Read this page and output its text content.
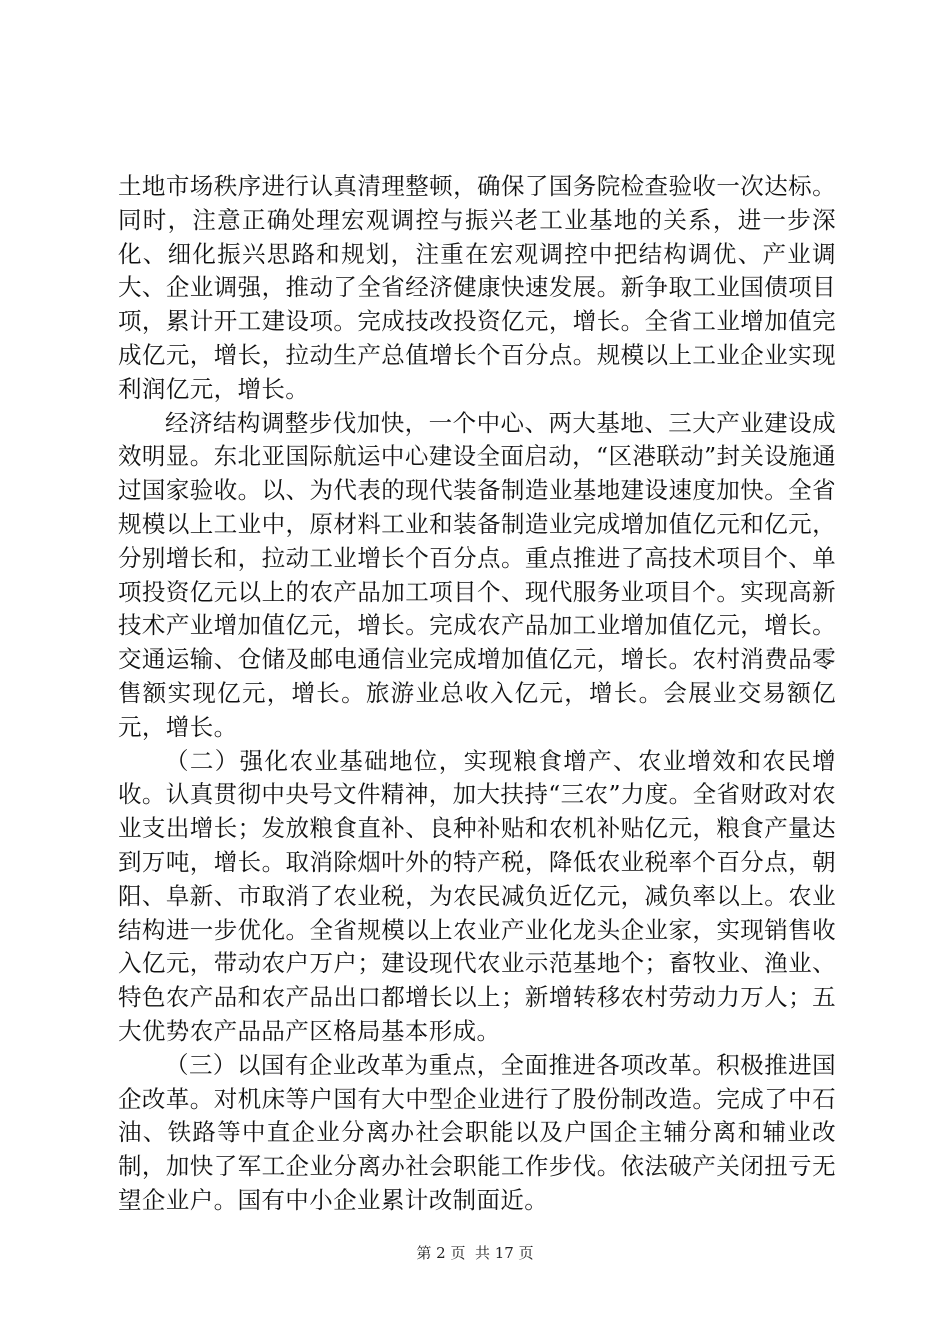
土地市场秩序进行认真清理整顿，确保了国务院检查验收一次达标。同时，注意正确处理宏观调控与振兴老工业基地的关系，进一步深化、细化振兴思路和规划，注重在宏观调控中把结构调优、产业调大、企业调强，推动了全省经济健康快速发展。新争取工业国债项目项，累计开工建设项。完成技改投资亿元，增长。全省工业增加值完成亿元，增长，拉动生产总值增长个百分点。规模以上工业企业实现利润亿元，增长。

经济结构调整步伐加快，一个中心、两大基地、三大产业建设成效明显。东北亚国际航运中心建设全面启动，“区港联动”封关设施通过国家验收。以、为代表的现代装备制造业基地建设速度加快。全省规模以上工业中，原材料工业和装备制造业完成增加值亿元和亿元，分别增长和，拉动工业增长个百分点。重点推进了高技术项目个、单项投资亿元以上的农产品加工项目个、现代服务业项目个。实现高新技术产业增加值亿元，增长。完成农产品加工业增加值亿元，增长。交通运输、仓储及邮电通信业完成增加值亿元，增长。农村消费品零售额实现亿元，增长。旅游业总收入亿元，增长。会展业交易额亿元，增长。

（二）强化农业基础地位，实现粮食增产、农业增效和农民增收。认真贯彻中央号文件精神，加大扶持“三农”力度。全省财政对农业支出增长；发放粮食直补、良种补贴和农机补贴亿元，粮食产量达到万吨，增长。取消除烟叶外的特产税，降低农业税率个百分点，朝阳、阜新、市取消了农业税，为农民减负近亿元，减负率以上。农业结构进一步优化。全省规模以上农业产业化龙头企业家，实现销售收入亿元，带动农户万户；建设现代农业示范基地个；畜牧业、渔业、特色农产品和农产品出口都增长以上；新增转移农村劳动力万人；五大优势农产品品产区格局基本形成。

（三）以国有企业改革为重点，全面推进各项改革。积极推进国企改革。对机床等户国有大中型企业进行了股份制改造。完成了中石油、铁路等中直企业分离办社会职能以及户国企主辅分离和辅业改制，加快了军工企业分离办社会职能工作步伐。依法破产关闭扭亏无望企业户。国有中小企业累计改制面近。

第 2 页 共 17 页
